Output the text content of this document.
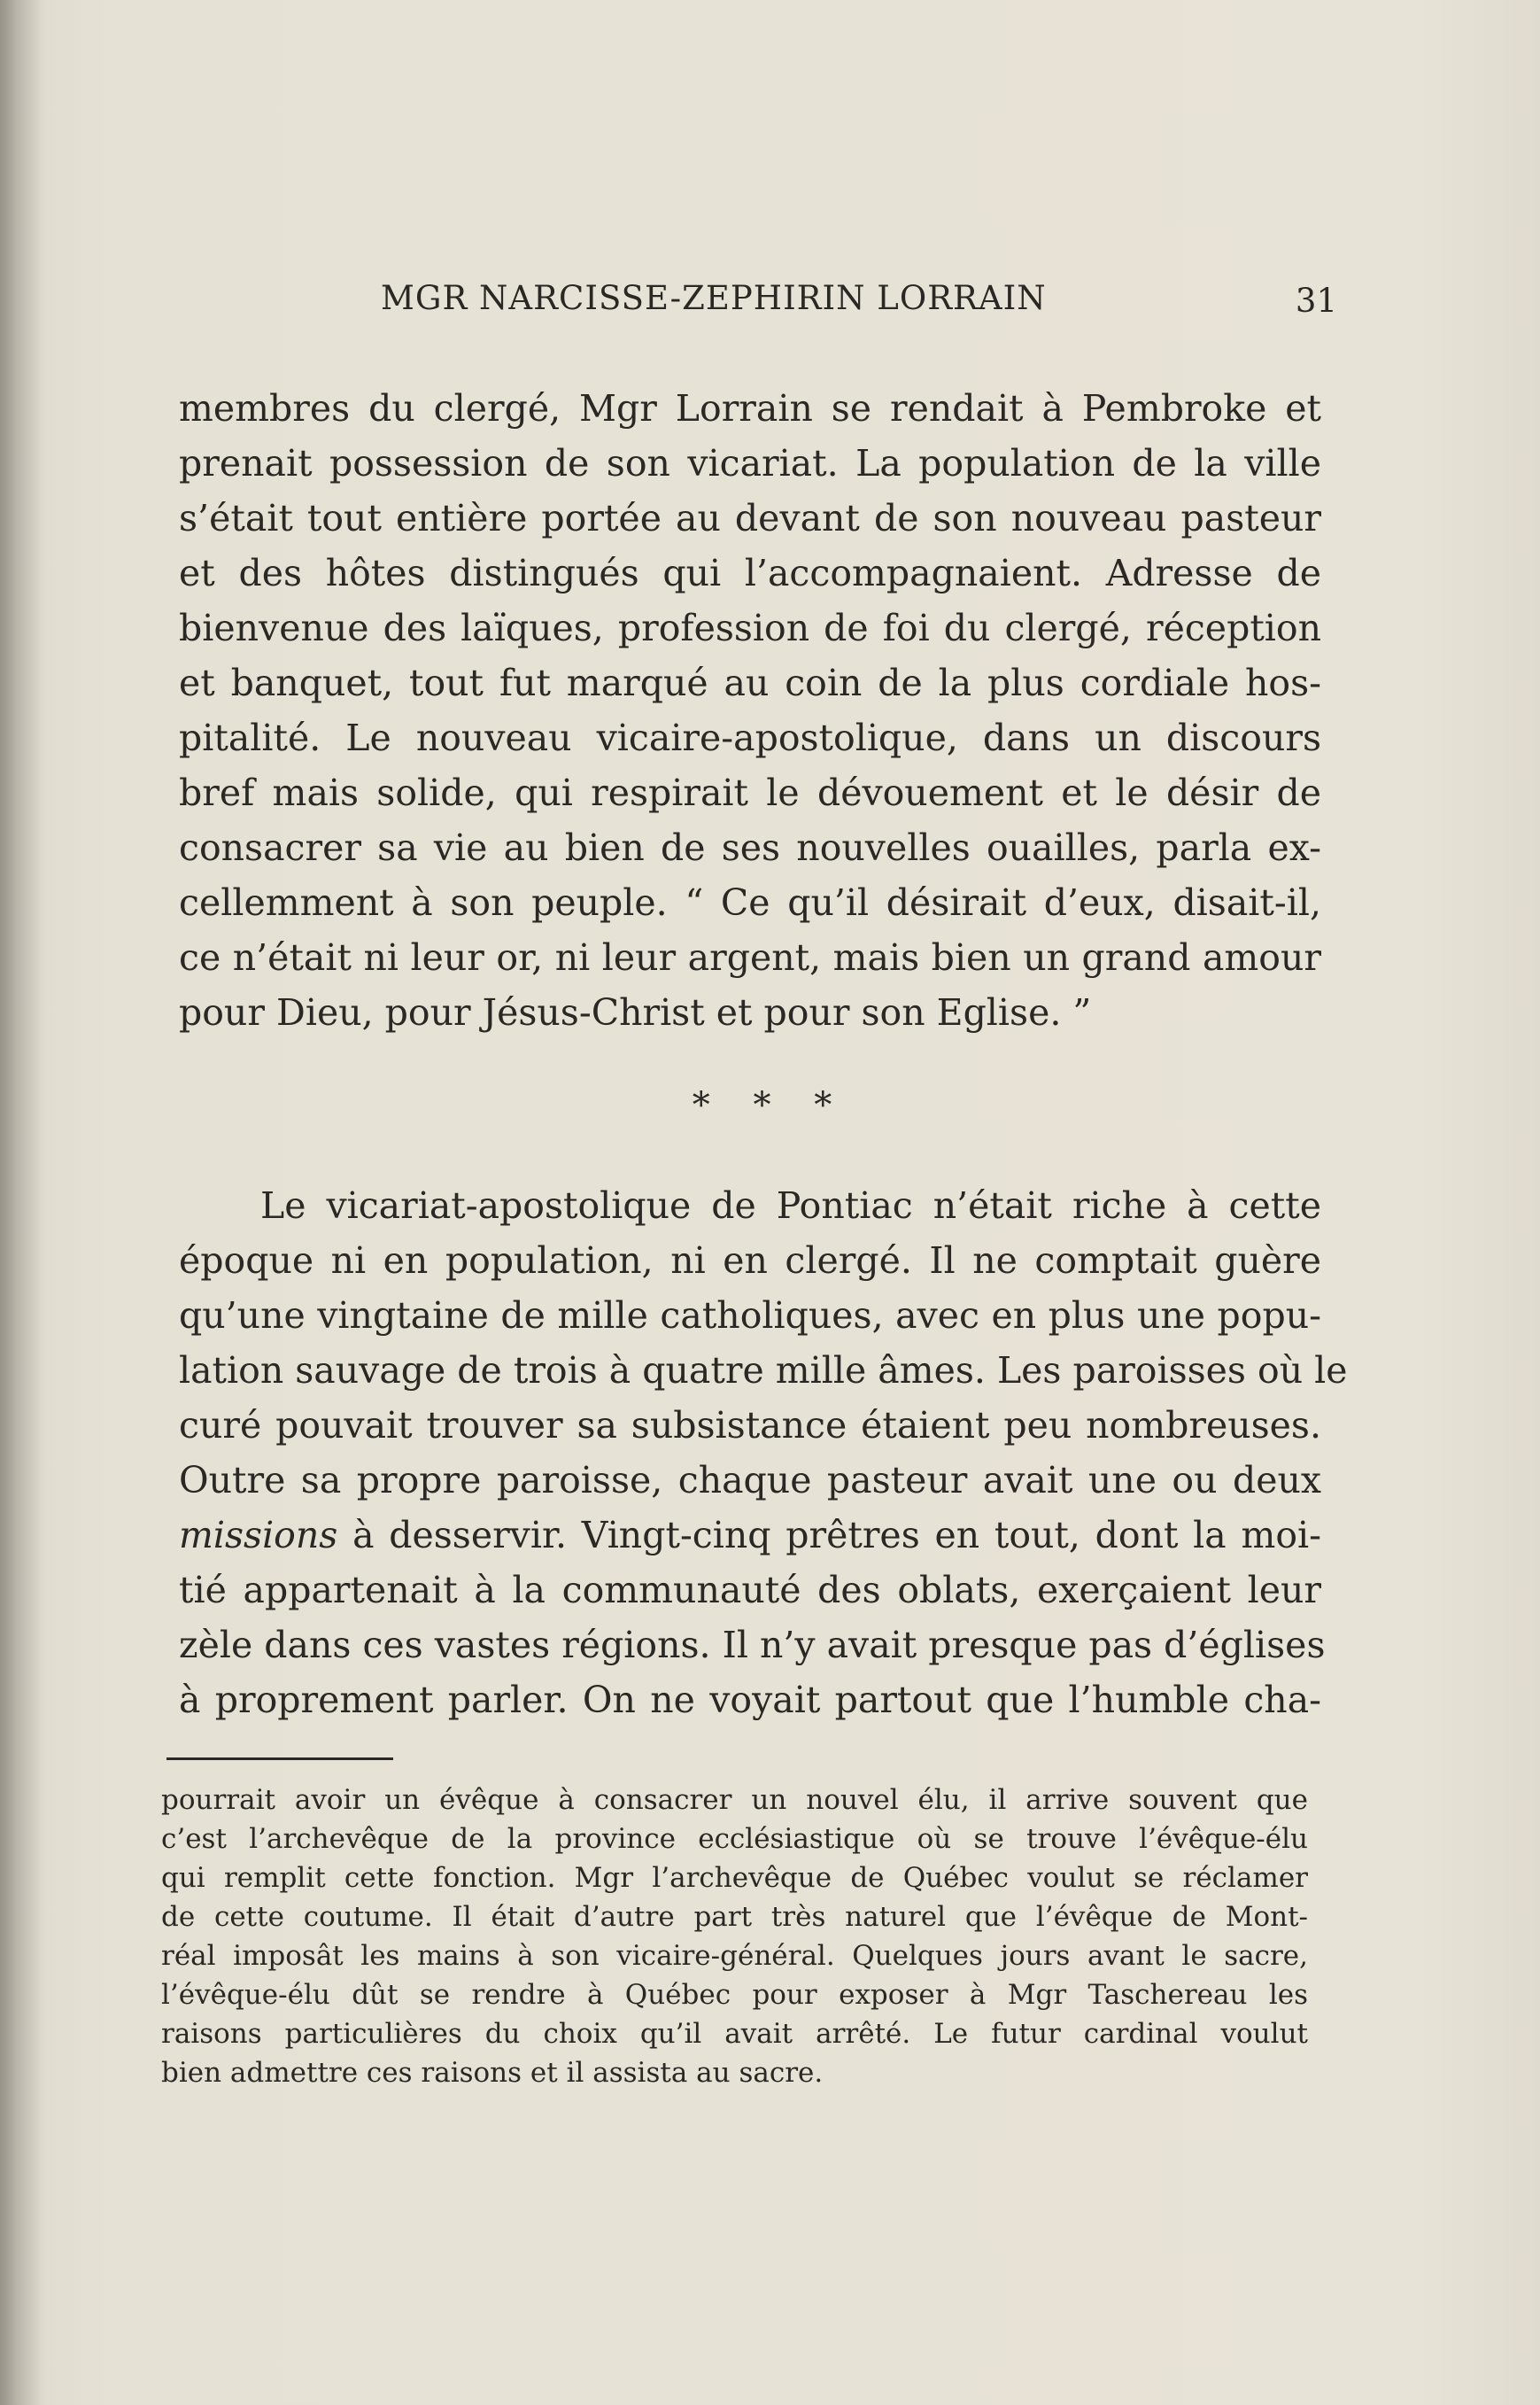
MGR NARCISSE-ZEPHIRIN LORRAIN	31
membres du clergé, Mgr Lorrain se rendait à Pembroke et
prenait possession de son vicariat. La population de la ville
s’était tout entière portée au devant de son nouveau pasteur
et des hôtes distingués qui l’accompagnaient. Adresse de
bienvenue des laïques, profession de foi du clergé, réception
et banquet, tout fut marqué au coin de la plus cordiale hos-
pitalité. Le nouveau vicaire-apostolique, dans un discours
bref mais solide, qui respirait le dévouement et le désir de
consacrer sa vie au bien de ses nouvelles ouailles, parla ex-
cellemment à son peuple. “ Ce qu’il désirait d’eux, disait-il,
ce n’était ni leur or, ni leur argent, mais bien un grand amour
pour Dieu, pour Jésus-Christ et pour son Eglise. ”
* * *
Le vicariat-apostolique de Pontiac n’était riche à cette
époque ni en population, ni en clergé. Il ne comptait guère
qu’une vingtaine de mille catholiques, avec en plus une popu-
lation sauvage de trois à quatre mille âmes. Les paroisses où le
curé pouvait trouver sa subsistance étaient peu nombreuses.
Outre sa propre paroisse, chaque pasteur avait une ou deux
missions à desservir. Vingt-cinq prêtres en tout, dont la moi-
tié appartenait à la communauté des oblats, exerçaient leur
zèle dans ces vastes régions. Il n’y avait presque pas d’églises
à proprement parler. On ne voyait partout que l’humble cha-
pourrait avoir un évêque à consacrer un nouvel élu, il arrive souvent que
c’est l’archevêque de la province ecclésiastique où se trouve l’évêque-élu
qui remplit cette fonction. Mgr l’archevêque de Québec voulut se réclamer
de cette coutume. Il était d’autre part très naturel que l’évêque de Mont-
réal imposât les mains à son vicaire-général. Quelques jours avant le sacre,
l’évêque-élu dût se rendre à Québec pour exposer à Mgr Taschereau les
raisons particulières du choix qu’il avait arrêté. Le futur cardinal voulut
bien admettre ces raisons et il assista au sacre.
